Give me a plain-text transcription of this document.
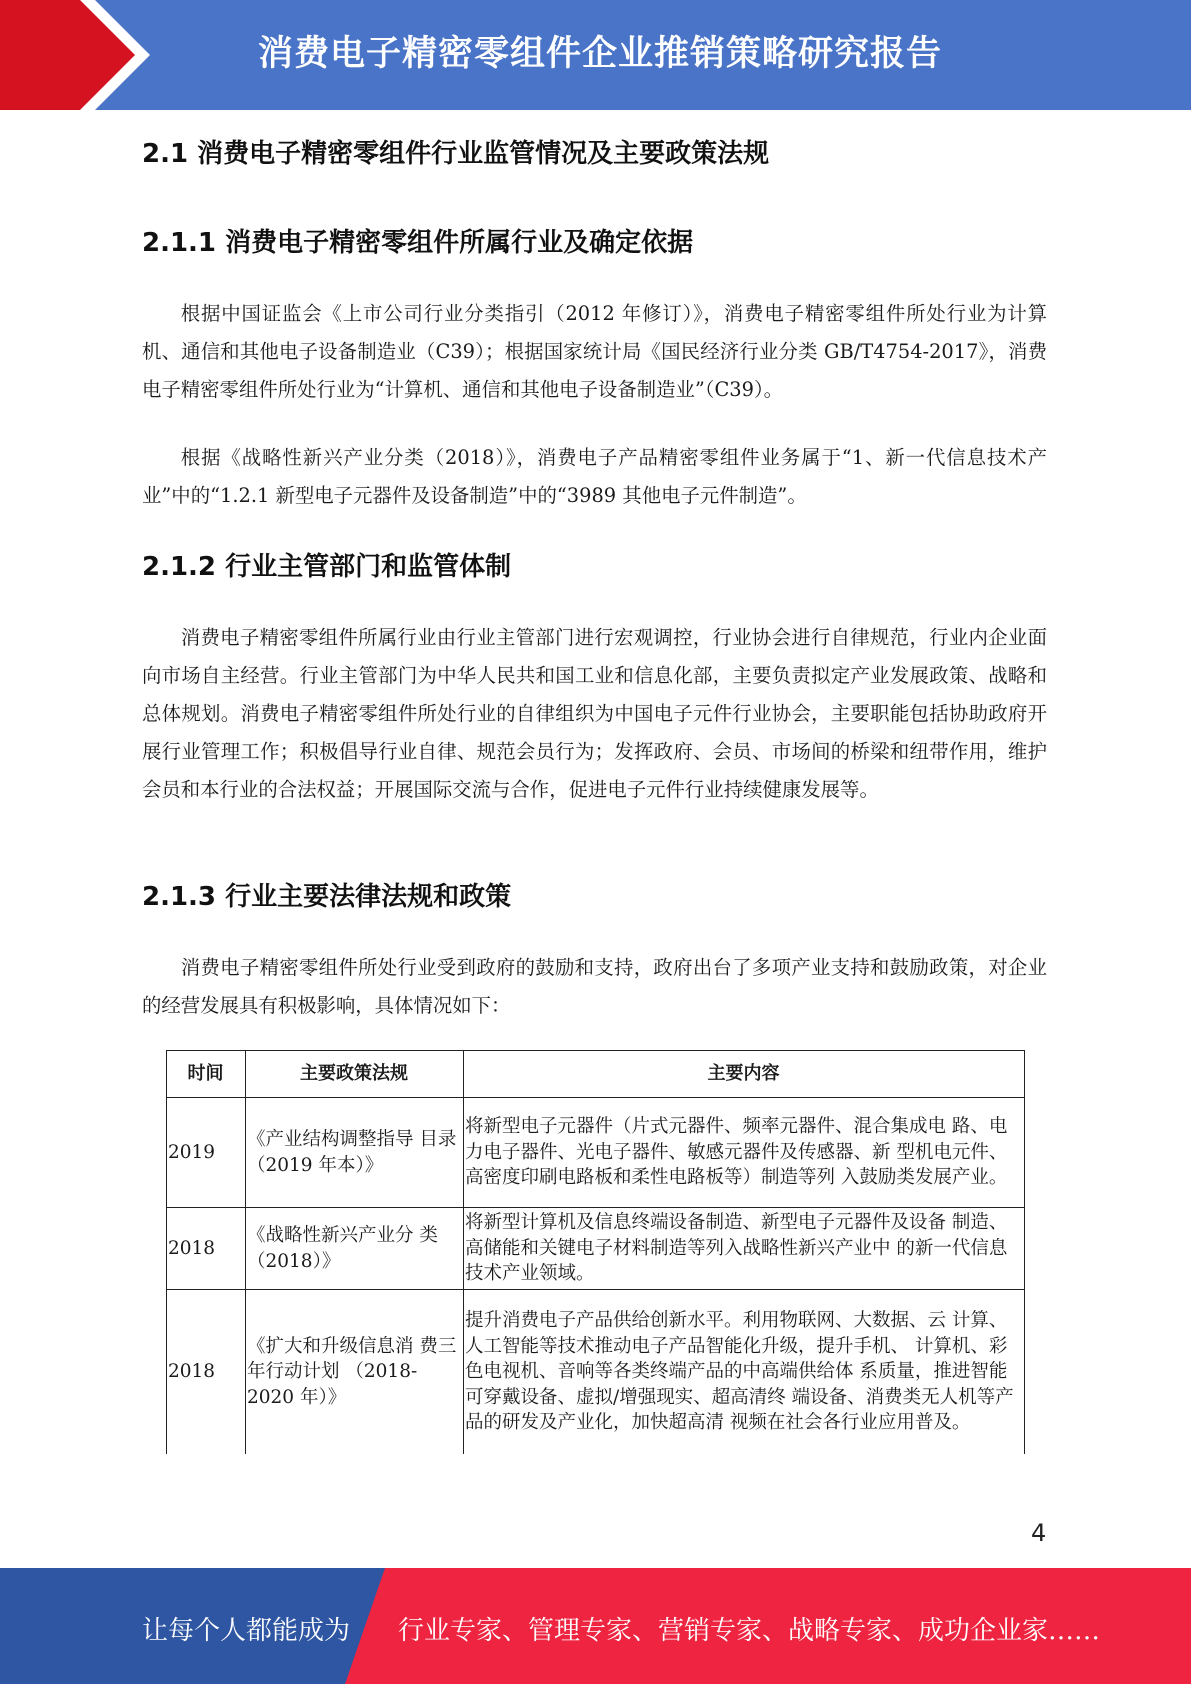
消费电子精密零组件企业推销策略研究报告
2.1 消费电子精密零组件行业监管情况及主要政策法规
2.1.1 消费电子精密零组件所属行业及确定依据

根据中国证监会《上市公司行业分类指引（2012 年修订）》，消费电子精密零组件所处行业为计算机、通信和其他电子设备制造业（C39）；根据国家统计局《国民经济行业分类 GB/T4754-2017》，消费电子精密零组件所处行业为“计算机、通信和其他电子设备制造业”（C39）。

根据《战略性新兴产业分类（2018）》，消费电子产品精密零组件业务属于“1、新一代信息技术产业”中的“1.2.1 新型电子元器件及设备制造”中的“3989 其他电子元件制造”。

2.1.2 行业主管部门和监管体制

消费电子精密零组件所属行业由行业主管部门进行宏观调控，行业协会进行自律规范，行业内企业面向市场自主经营。行业主管部门为中华人民共和国工业和信息化部，主要负责拟定产业发展政策、战略和总体规划。消费电子精密零组件所处行业的自律组织为中国电子元件行业协会，主要职能包括协助政府开展行业管理工作；积极倡导行业自律、规范会员行为；发挥政府、会员、市场间的桥梁和纽带作用，维护会员和本行业的合法权益；开展国际交流与合作，促进电子元件行业持续健康发展等。

2.1.3 行业主要法律法规和政策

消费电子精密零组件所处行业受到政府的鼓励和支持，政府出台了多项产业支持和鼓励政策，对企业的经营发展具有积极影响，具体情况如下：

时间	主要政策法规	主要内容
2019	《产业结构调整指导 目录（2019 年本）》	将新型电子元器件（片式元器件、频率元器件、混合集成电 路、电力电子器件、光电子器件、敏感元器件及传感器、新 型机电元件、高密度印刷电路板和柔性电路板等）制造等列 入鼓励类发展产业。
2018	《战略性新兴产业分 类（2018）》	将新型计算机及信息终端设备制造、新型电子元器件及设备 制造、高储能和关键电子材料制造等列入战略性新兴产业中 的新一代信息技术产业领域。
2018	《扩大和升级信息消 费三年行动计划 （2018-2020 年）》	提升消费电子产品供给创新水平。利用物联网、大数据、云 计算、人工智能等技术推动电子产品智能化升级，提升手机、 计算机、彩色电视机、音响等各类终端产品的中高端供给体 系质量，推进智能可穿戴设备、虚拟/增强现实、超高清终 端设备、消费类无人机等产品的研发及产业化，加快超高清 视频在社会各行业应用普及。
4
让每个人都能成为 行业专家、管理专家、营销专家、战略专家、成功企业家……
